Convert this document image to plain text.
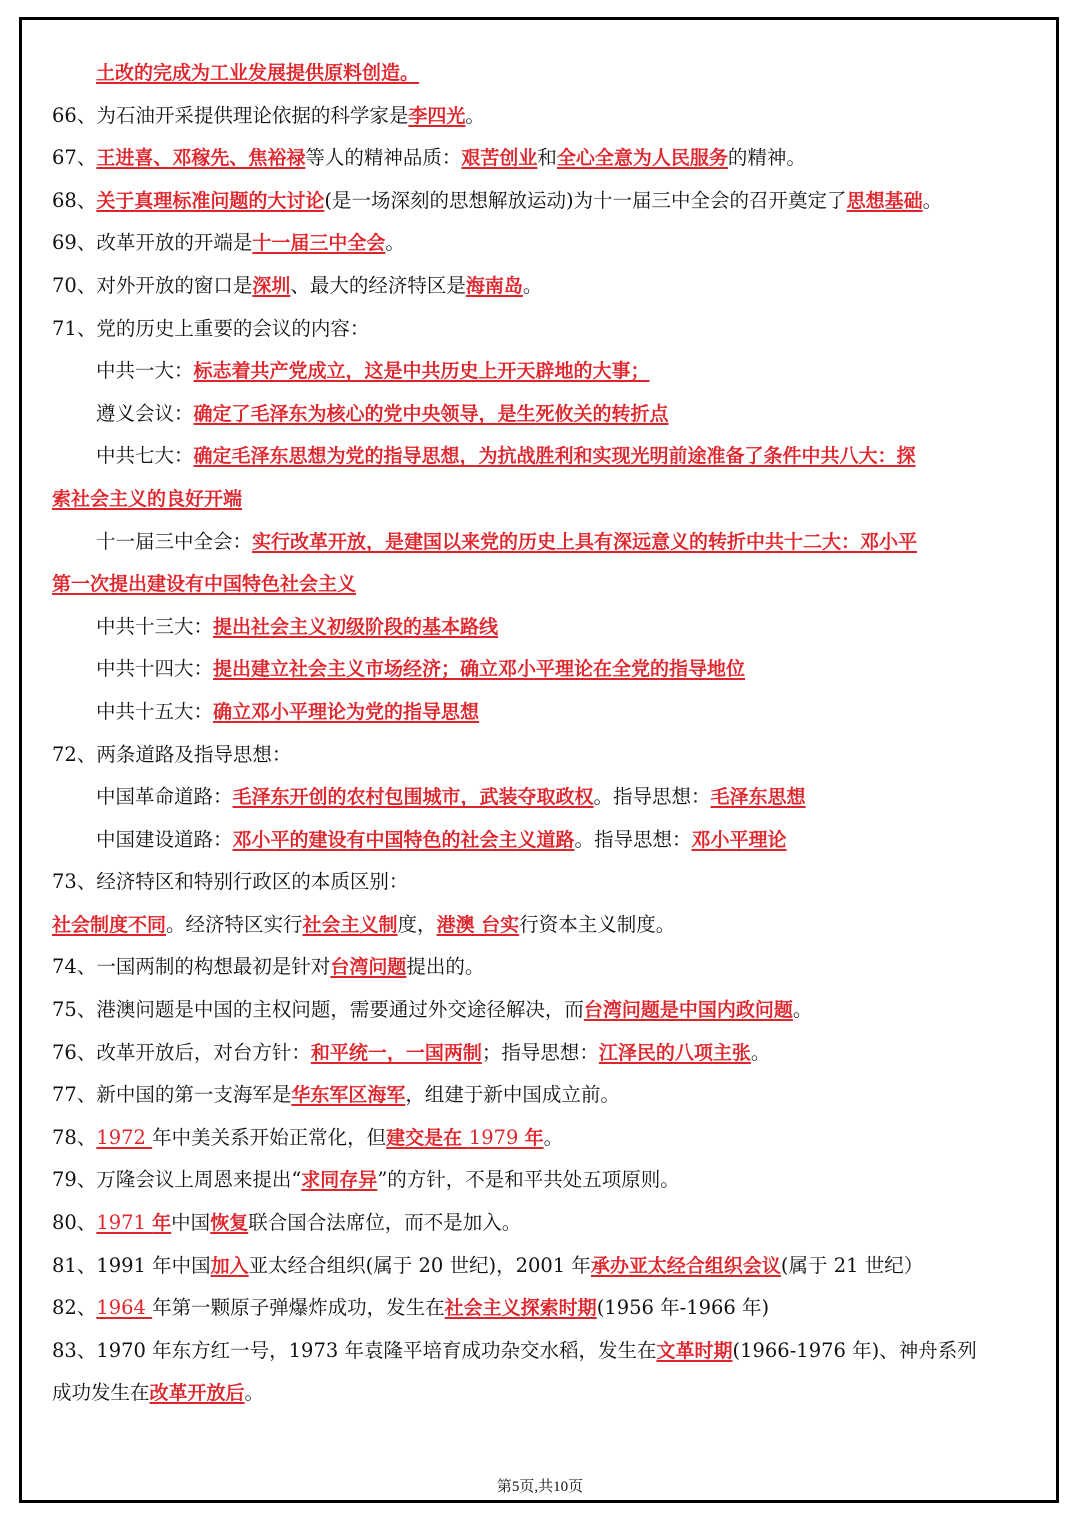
土改的完成为工业发展提供原料创造。
66、为石油开采提供理论依据的科学家是李四光。
67、王进喜、邓稼先、焦裕禄等人的精神品质：艰苦创业和全心全意为人民服务的精神。
68、关于真理标准问题的大讨论(是一场深刻的思想解放运动)为十一届三中全会的召开奠定了思想基础。
69、改革开放的开端是十一届三中全会。
70、对外开放的窗口是深圳、最大的经济特区是海南岛。
71、党的历史上重要的会议的内容：
中共一大：标志着共产党成立，这是中共历史上开天辟地的大事；
遵义会议：确定了毛泽东为核心的党中央领导，是生死攸关的转折点
中共七大：确定毛泽东思想为党的指导思想，为抗战胜利和实现光明前途准备了条件中共八大：探
索社会主义的良好开端
十一届三中全会：实行改革开放，是建国以来党的历史上具有深远意义的转折中共十二大：邓小平
第一次提出建设有中国特色社会主义
中共十三大：提出社会主义初级阶段的基本路线
中共十四大：提出建立社会主义市场经济；确立邓小平理论在全党的指导地位
中共十五大：确立邓小平理论为党的指导思想
72、两条道路及指导思想：
中国革命道路：毛泽东开创的农村包围城市，武装夺取政权。指导思想：毛泽东思想
中国建设道路：邓小平的建设有中国特色的社会主义道路。指导思想：邓小平理论
73、经济特区和特别行政区的本质区别：
社会制度不同。经济特区实行社会主义制度，港澳 台实行资本主义制度。
74、一国两制的构想最初是针对台湾问题提出的。
75、港澳问题是中国的主权问题，需要通过外交途径解决，而台湾问题是中国内政问题。
76、改革开放后，对台方针：和平统一，一国两制；指导思想：江泽民的八项主张。
77、新中国的第一支海军是华东军区海军，组建于新中国成立前。
78、1972 年中美关系开始正常化，但建交是在 1979 年。
79、万隆会议上周恩来提出“求同存异”的方针，不是和平共处五项原则。
80、1971 年中国恢复联合国合法席位，而不是加入。
81、1991 年中国加入亚太经合组织(属于 20 世纪)，2001 年承办亚太经合组织会议(属于 21 世纪）
82、1964 年第一颗原子弹爆炸成功，发生在社会主义探索时期(1956 年-1966 年)
83、1970 年东方红一号，1973 年袁隆平培育成功杂交水稻，发生在文革时期(1966-1976 年)、神舟系列
成功发生在改革开放后。
第5页,共10页
